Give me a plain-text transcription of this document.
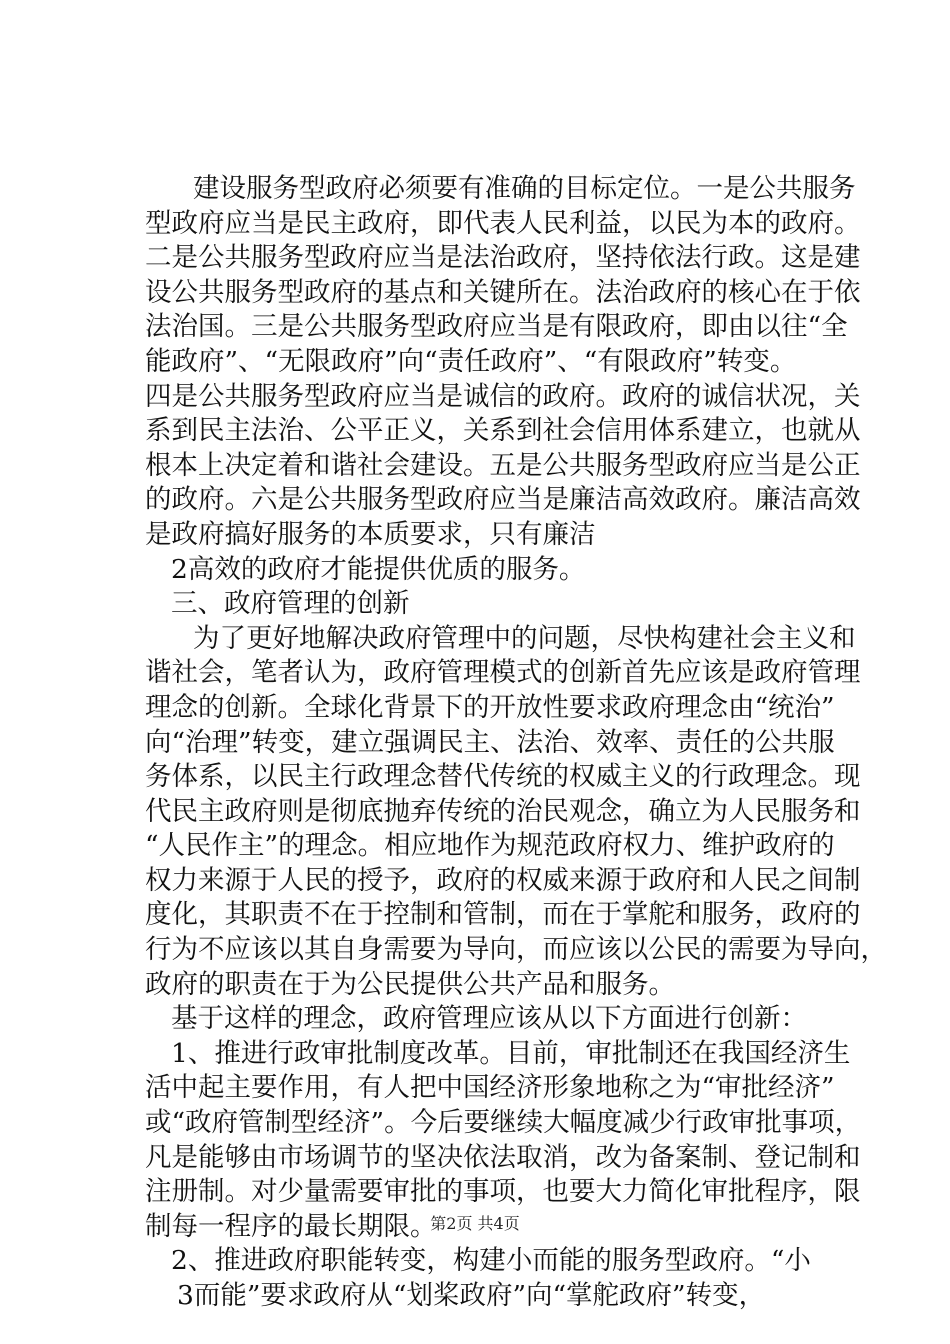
建设服务型政府必须要有准确的目标定位。一是公共服务
型政府应当是民主政府，即代表人民利益，以民为本的政府。
二是公共服务型政府应当是法治政府，坚持依法行政。这是建
设公共服务型政府的基点和关键所在。法治政府的核心在于依
法治国。三是公共服务型政府应当是有限政府，即由以往“全
能政府”、“无限政府”向“责任政府”、“有限政府”转变。
四是公共服务型政府应当是诚信的政府。政府的诚信状况，关
系到民主法治、公平正义，关系到社会信用体系建立，也就从
根本上决定着和谐社会建设。五是公共服务型政府应当是公正
的政府。六是公共服务型政府应当是廉洁高效政府。廉洁高效
是政府搞好服务的本质要求，只有廉洁
2高效的政府才能提供优质的服务。
三、政府管理的创新
为了更好地解决政府管理中的问题，尽快构建社会主义和
谐社会，笔者认为，政府管理模式的创新首先应该是政府管理
理念的创新。全球化背景下的开放性要求政府理念由“统治”
向“治理”转变，建立强调民主、法治、效率、责任的公共服
务体系，以民主行政理念替代传统的权威主义的行政理念。现
代民主政府则是彻底抛弃传统的治民观念，确立为人民服务和
“人民作主”的理念。相应地作为规范政府权力、维护政府的
权力来源于人民的授予，政府的权威来源于政府和人民之间制
度化，其职责不在于控制和管制，而在于掌舵和服务，政府的
行为不应该以其自身需要为导向，而应该以公民的需要为导向，
政府的职责在于为公民提供公共产品和服务。
基于这样的理念，政府管理应该从以下方面进行创新：
1、推进行政审批制度改革。目前，审批制还在我国经济生
活中起主要作用，有人把中国经济形象地称之为“审批经济”
或“政府管制型经济”。今后要继续大幅度减少行政审批事项，
凡是能够由市场调节的坚决依法取消，改为备案制、登记制和
注册制。对少量需要审批的事项，也要大力简化审批程序，限
制每一程序的最长期限。
2、推进政府职能转变，构建小而能的服务型政府。“小
3而能”要求政府从“划桨政府”向“掌舵政府”转变，
第2页 共4页
